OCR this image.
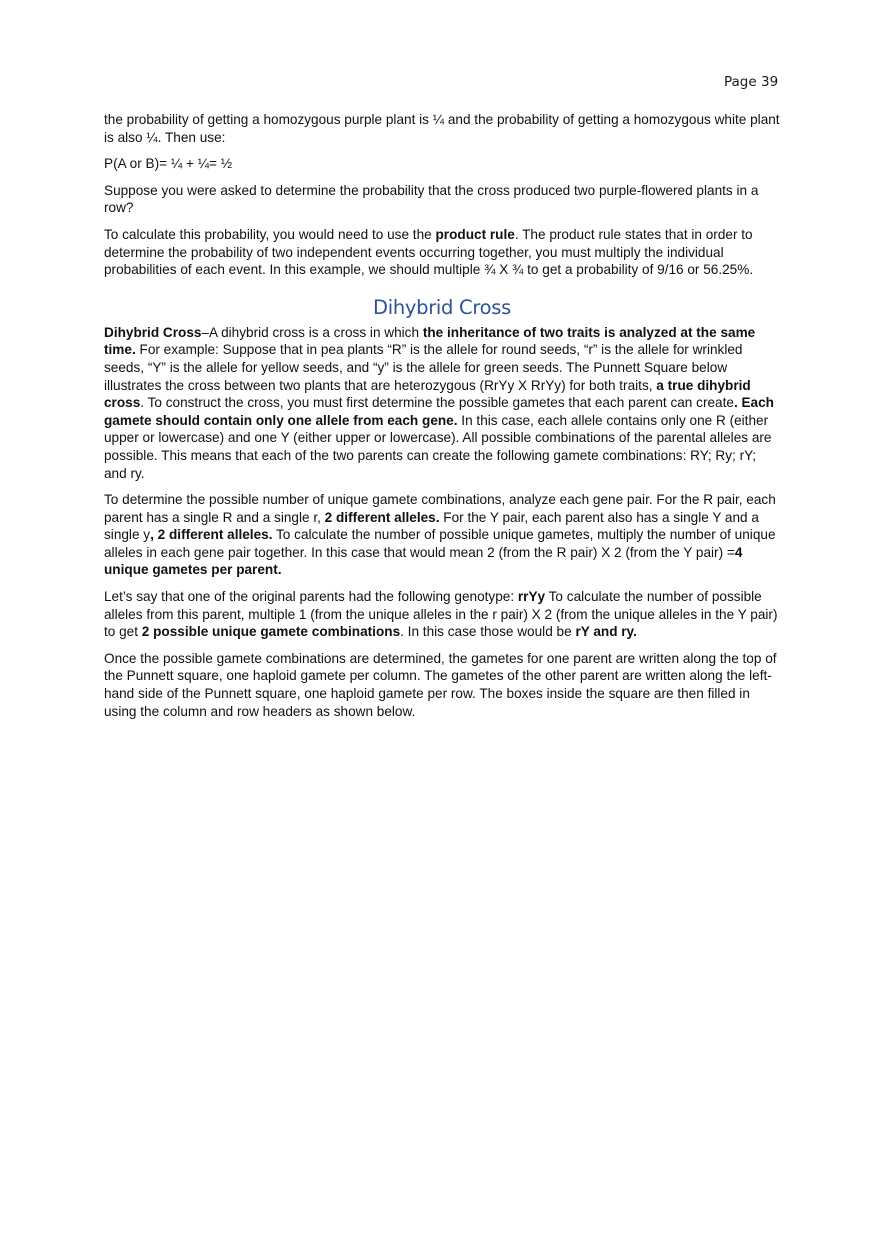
Page 39

the probability of getting a homozygous purple plant is ¼ and the probability of getting a homozygous white plant is also ¼. Then use:

P(A or B)= ¼ + ¼= ½

Suppose you were asked to determine the probability that the cross produced two purple-flowered plants in a row?

To calculate this probability, you would need to use the product rule. The product rule states that in order to determine the probability of two independent events occurring together, you must multiply the individual probabilities of each event. In this example, we should multiple ¾ X ¾ to get a probability of 9/16 or 56.25%.

Dihybrid Cross

Dihybrid Cross–A dihybrid cross is a cross in which the inheritance of two traits is analyzed at the same time. For example: Suppose that in pea plants “R” is the allele for round seeds, “r” is the allele for wrinkled seeds, “Y” is the allele for yellow seeds, and “y” is the allele for green seeds. The Punnett Square below illustrates the cross between two plants that are heterozygous (RrYy X RrYy) for both traits, a true dihybrid cross. To construct the cross, you must first determine the possible gametes that each parent can create. Each gamete should contain only one allele from each gene. In this case, each allele contains only one R (either upper or lowercase) and one Y (either upper or lowercase). All possible combinations of the parental alleles are possible. This means that each of the two parents can create the following gamete combinations: RY; Ry; rY; and ry.

To determine the possible number of unique gamete combinations, analyze each gene pair. For the R pair, each parent has a single R and a single r, 2 different alleles. For the Y pair, each parent also has a single Y and a single y, 2 different alleles. To calculate the number of possible unique gametes, multiply the number of unique alleles in each gene pair together. In this case that would mean 2 (from the R pair) X 2 (from the Y pair) =4 unique gametes per parent.

Let’s say that one of the original parents had the following genotype: rrYy To calculate the number of possible alleles from this parent, multiple 1 (from the unique alleles in the r pair) X 2 (from the unique alleles in the Y pair) to get 2 possible unique gamete combinations. In this case those would be rY and ry.

Once the possible gamete combinations are determined, the gametes for one parent are written along the top of the Punnett square, one haploid gamete per column. The gametes of the other parent are written along the left- hand side of the Punnett square, one haploid gamete per row. The boxes inside the square are then filled in using the column and row headers as shown below.
